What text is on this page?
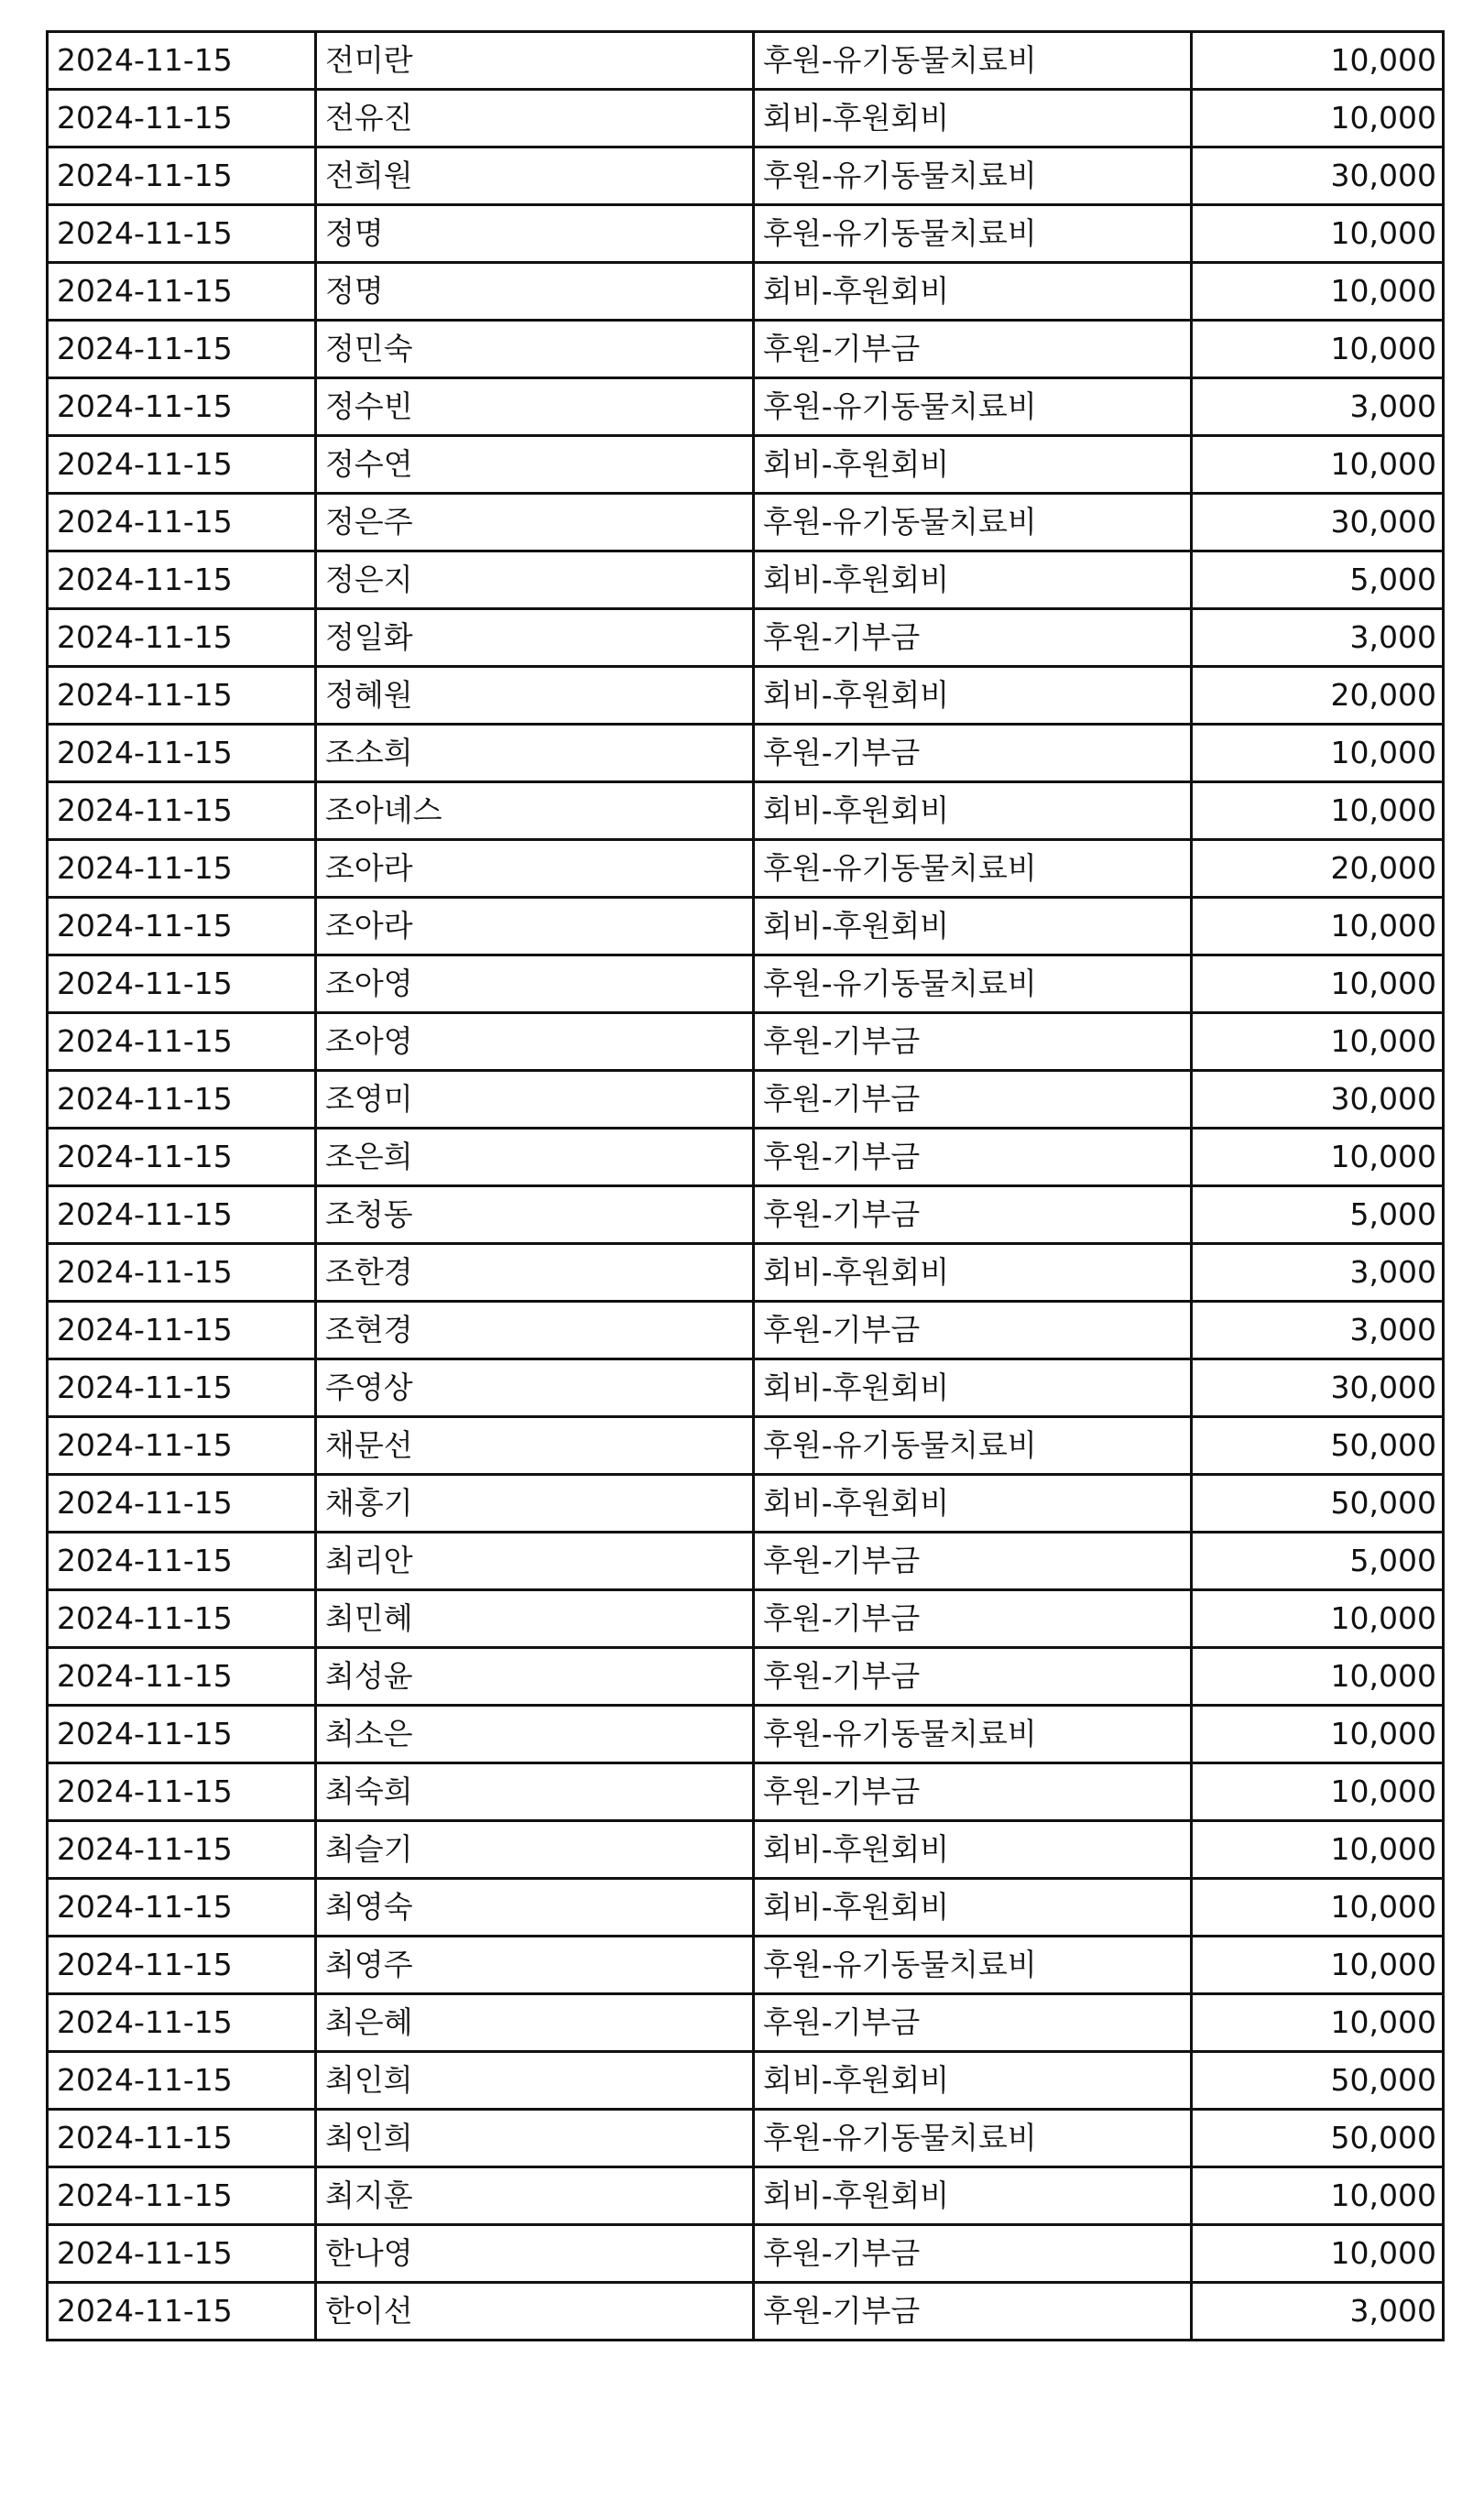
2024-11-15	전미란	후원-유기동물치료비	10,000
2024-11-15	전유진	회비-후원회비	10,000
2024-11-15	전희원	후원-유기동물치료비	30,000
2024-11-15	정명	후원-유기동물치료비	10,000
2024-11-15	정명	회비-후원회비	10,000
2024-11-15	정민숙	후원-기부금	10,000
2024-11-15	정수빈	후원-유기동물치료비	3,000
2024-11-15	정수연	회비-후원회비	10,000
2024-11-15	정은주	후원-유기동물치료비	30,000
2024-11-15	정은지	회비-후원회비	5,000
2024-11-15	정일화	후원-기부금	3,000
2024-11-15	정혜원	회비-후원회비	20,000
2024-11-15	조소희	후원-기부금	10,000
2024-11-15	조아녜스	회비-후원회비	10,000
2024-11-15	조아라	후원-유기동물치료비	20,000
2024-11-15	조아라	회비-후원회비	10,000
2024-11-15	조아영	후원-유기동물치료비	10,000
2024-11-15	조아영	후원-기부금	10,000
2024-11-15	조영미	후원-기부금	30,000
2024-11-15	조은희	후원-기부금	10,000
2024-11-15	조청동	후원-기부금	5,000
2024-11-15	조한경	회비-후원회비	3,000
2024-11-15	조현경	후원-기부금	3,000
2024-11-15	주영상	회비-후원회비	30,000
2024-11-15	채문선	후원-유기동물치료비	50,000
2024-11-15	채홍기	회비-후원회비	50,000
2024-11-15	최리안	후원-기부금	5,000
2024-11-15	최민혜	후원-기부금	10,000
2024-11-15	최성윤	후원-기부금	10,000
2024-11-15	최소은	후원-유기동물치료비	10,000
2024-11-15	최숙희	후원-기부금	10,000
2024-11-15	최슬기	회비-후원회비	10,000
2024-11-15	최영숙	회비-후원회비	10,000
2024-11-15	최영주	후원-유기동물치료비	10,000
2024-11-15	최은혜	후원-기부금	10,000
2024-11-15	최인희	회비-후원회비	50,000
2024-11-15	최인희	후원-유기동물치료비	50,000
2024-11-15	최지훈	회비-후원회비	10,000
2024-11-15	한나영	후원-기부금	10,000
2024-11-15	한이선	후원-기부금	3,000
